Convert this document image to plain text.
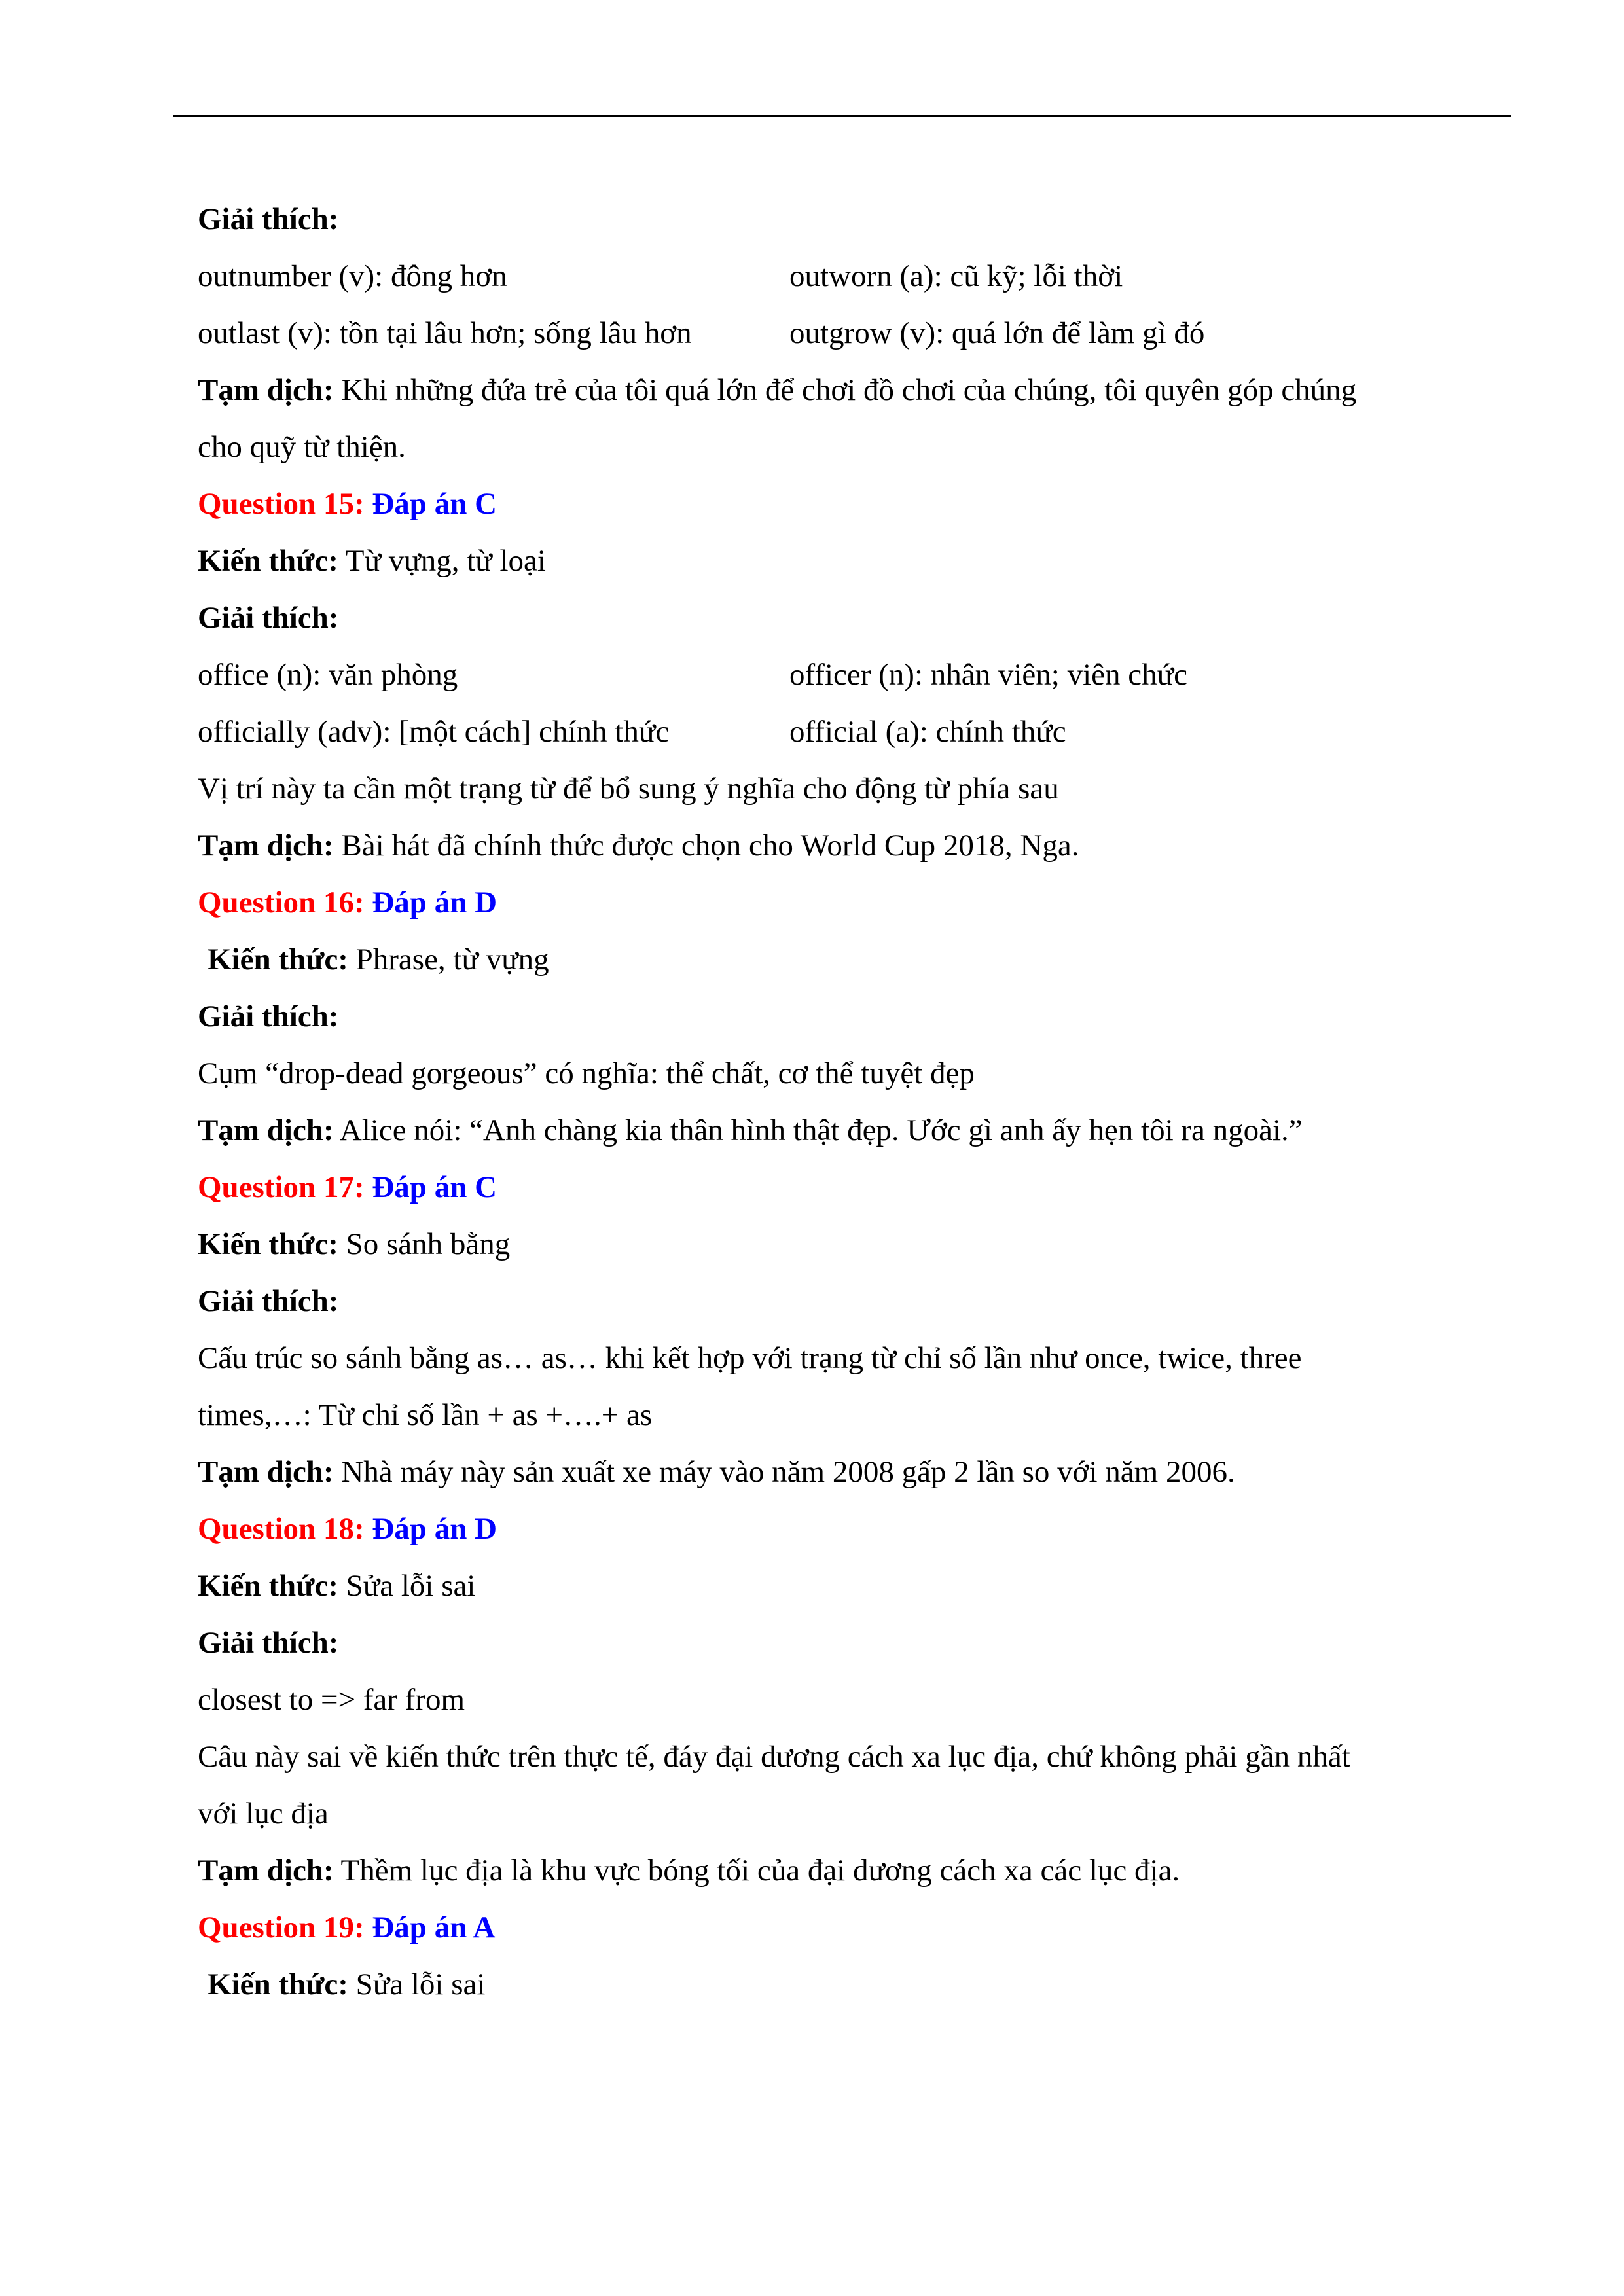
Giải thích:
outnumber (v): đông hơn	outworn (a): cũ kỹ; lỗi thời
outlast (v): tồn tại lâu hơn; sống lâu hơn	outgrow (v): quá lớn để làm gì đó
Tạm dịch: Khi những đứa trẻ của tôi quá lớn để chơi đồ chơi của chúng, tôi quyên góp chúng
cho quỹ từ thiện.
Question 15: Đáp án C
Kiến thức: Từ vựng, từ loại
Giải thích:
office (n): văn phòng	officer (n): nhân viên; viên chức
officially (adv): [một cách] chính thức	official (a): chính thức
Vị trí này ta cần một trạng từ để bổ sung ý nghĩa cho động từ phía sau
Tạm dịch: Bài hát đã chính thức được chọn cho World Cup 2018, Nga.
Question 16: Đáp án D
Kiến thức: Phrase, từ vựng
Giải thích:
Cụm “drop-dead gorgeous” có nghĩa: thể chất, cơ thể tuyệt đẹp
Tạm dịch: Alice nói: “Anh chàng kia thân hình thật đẹp. Ước gì anh ấy hẹn tôi ra ngoài.”
Question 17: Đáp án C
Kiến thức: So sánh bằng
Giải thích:
Cấu trúc so sánh bằng as… as… khi kết hợp với trạng từ chỉ số lần như once, twice, three
times,…: Từ chỉ số lần + as +….+ as
Tạm dịch: Nhà máy này sản xuất xe máy vào năm 2008 gấp 2 lần so với năm 2006.
Question 18: Đáp án D
Kiến thức: Sửa lỗi sai
Giải thích:
closest to => far from
Câu này sai về kiến thức trên thực tế, đáy đại dương cách xa lục địa, chứ không phải gần nhất
với lục địa
Tạm dịch: Thềm lục địa là khu vực bóng tối của đại dương cách xa các lục địa.
Question 19: Đáp án A
Kiến thức: Sửa lỗi sai
